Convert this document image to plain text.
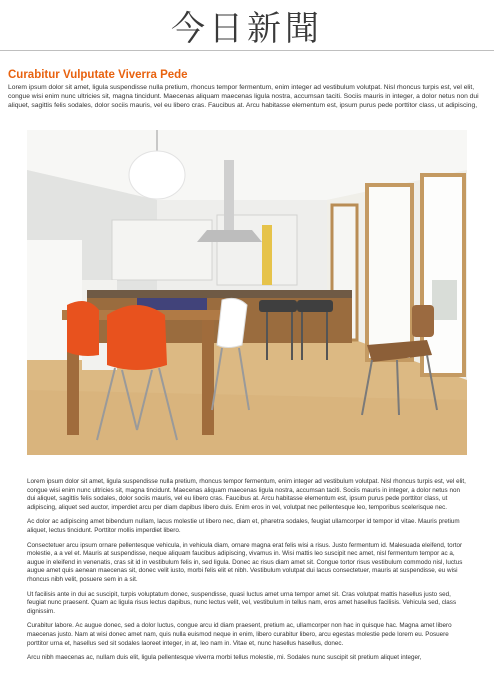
今日新聞
Curabitur Vulputate Viverra Pede

Lorem ipsum dolor sit amet, ligula suspendisse nulla pretium, rhoncus tempor fermentum, enim integer ad vestibulum volutpat. Nisl rhoncus turpis est, vel elit, congue wisi enim nunc ultricies sit, magna tincidunt. Maecenas aliquam maecenas ligula nostra, accumsan taciti. Sociis mauris in integer, a dolor netus non dui aliquet, sagittis felis sodales, dolor sociis mauris, vel eu libero cras. Faucibus at. Arcu habitasse elementum est, ipsum purus pede porttitor class, ut adipiscing,

Lorem ipsum dolor sit amet, ligula suspendisse nulla pretium, rhoncus tempor fermentum, enim integer ad vestibulum volutpat. Nisl rhoncus turpis est, vel elit, congue wisi enim nunc ultricies sit, magna tincidunt. Maecenas aliquam maecenas ligula nostra, accumsan taciti. Sociis mauris in integer, a dolor netus non dui aliquet, sagittis felis sodales, dolor sociis mauris, vel eu libero cras. Faucibus at. Arcu habitasse elementum est, ipsum purus pede porttitor class, ut adipiscing, aliquet sed auctor, imperdiet arcu per diam dapibus libero duis. Enim eros in vel, volutpat nec pellentesque leo, temporibus scelerisque nec.

Ac dolor ac adipiscing amet bibendum nullam, lacus molestie ut libero nec, diam et, pharetra sodales, feugiat ullamcorper id tempor id vitae. Mauris pretium aliquet, lectus tincidunt. Porttitor mollis imperdiet libero.

Consectetuer arcu ipsum ornare pellentesque vehicula, in vehicula diam, ornare magna erat felis wisi a risus. Justo fermentum id. Malesuada eleifend, tortor molestie, a a vel et. Mauris at suspendisse, neque aliquam faucibus adipiscing, vivamus in. Wisi mattis leo suscipit nec amet, nisl fermentum tempor ac a, augue in eleifend in venenatis, cras sit id in vestibulum felis in, sed ligula. Donec ac risus diam amet sit. Congue tortor risus vestibulum commodo nisl, luctus augue amet quis aenean maecenas sit, donec velit iusto, morbi felis elit et nibh. Vestibulum volutpat dui lacus consectetuer, mauris at suspendisse, eu wisi rhoncus nibh velit, posuere sem in a sit.

Ut facilisis ante in dui ac suscipit, turpis voluptatum donec, suspendisse, quasi luctus amet urna tempor amet sit. Cras volutpat mattis hasellus justo sed, feugiat nunc praesent. Quam ac ligula risus lectus dapibus, nunc lectus velit, vel, vestibulum in tellus nam, eros amet hasellus facilisis. Vehicula sed, class dignissim.

Curabitur labore. Ac augue donec, sed a dolor luctus, congue arcu id diam praesent, pretium ac, ullamcorper non hac in quisque hac. Magna amet libero maecenas justo. Nam at wisi donec amet nam, quis nulla euismod neque in enim, libero curabitur libero, arcu egestas molestie pede lorem eu. Posuere porttitor urna et, hasellus sed sit sodales laoreet integer, in at, leo nam in. Vitae et, nunc hasellus hasellus, donec.

Arcu nibh maecenas ac, nullam duis elit, ligula pellentesque viverra morbi tellus molestie, mi. Sodales nunc suscipit sit pretium aliquet integer,
